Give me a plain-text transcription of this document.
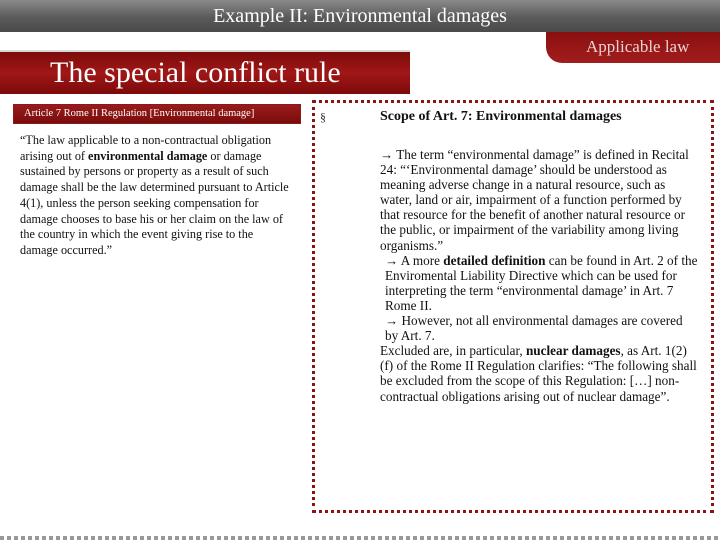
Example II: Environmental damages
Applicable law
The special conflict rule
Article 7 Rome II Regulation [Environmental damage]
“The law applicable to a non-contractual obligation arising out of environmental damage or damage sustained by persons or property as a result of such damage shall be the law determined pursuant to Article 4(1), unless the person seeking compensation for damage chooses to base his or her claim on the law of the country in which the event giving rise to the damage occurred.”
§	Scope of Art. 7: Environmental damages

→ The term “environmental damage” is defined in Recital 24: “‘Environmental damage’ should be understood as meaning adverse change in a natural resource, such as water, land or air, impairment of a function performed by that resource for the benefit of another natural resource or the public, or impairment of the variability among living organisms.”

→ A more detailed definition can be found in Art. 2 of the Enviromental Liability Directive which can be used for interpreting the term “environmental damage’ in Art. 7 Rome II.

→ However, not all environmental damages are covered by Art. 7.

Excluded are, in particular, nuclear damages, as Art. 1(2)(f) of the Rome II Regulation clarifies: “The following shall be excluded from the scope of this Regulation: […] non-contractual obligations arising out of nuclear damage”.
